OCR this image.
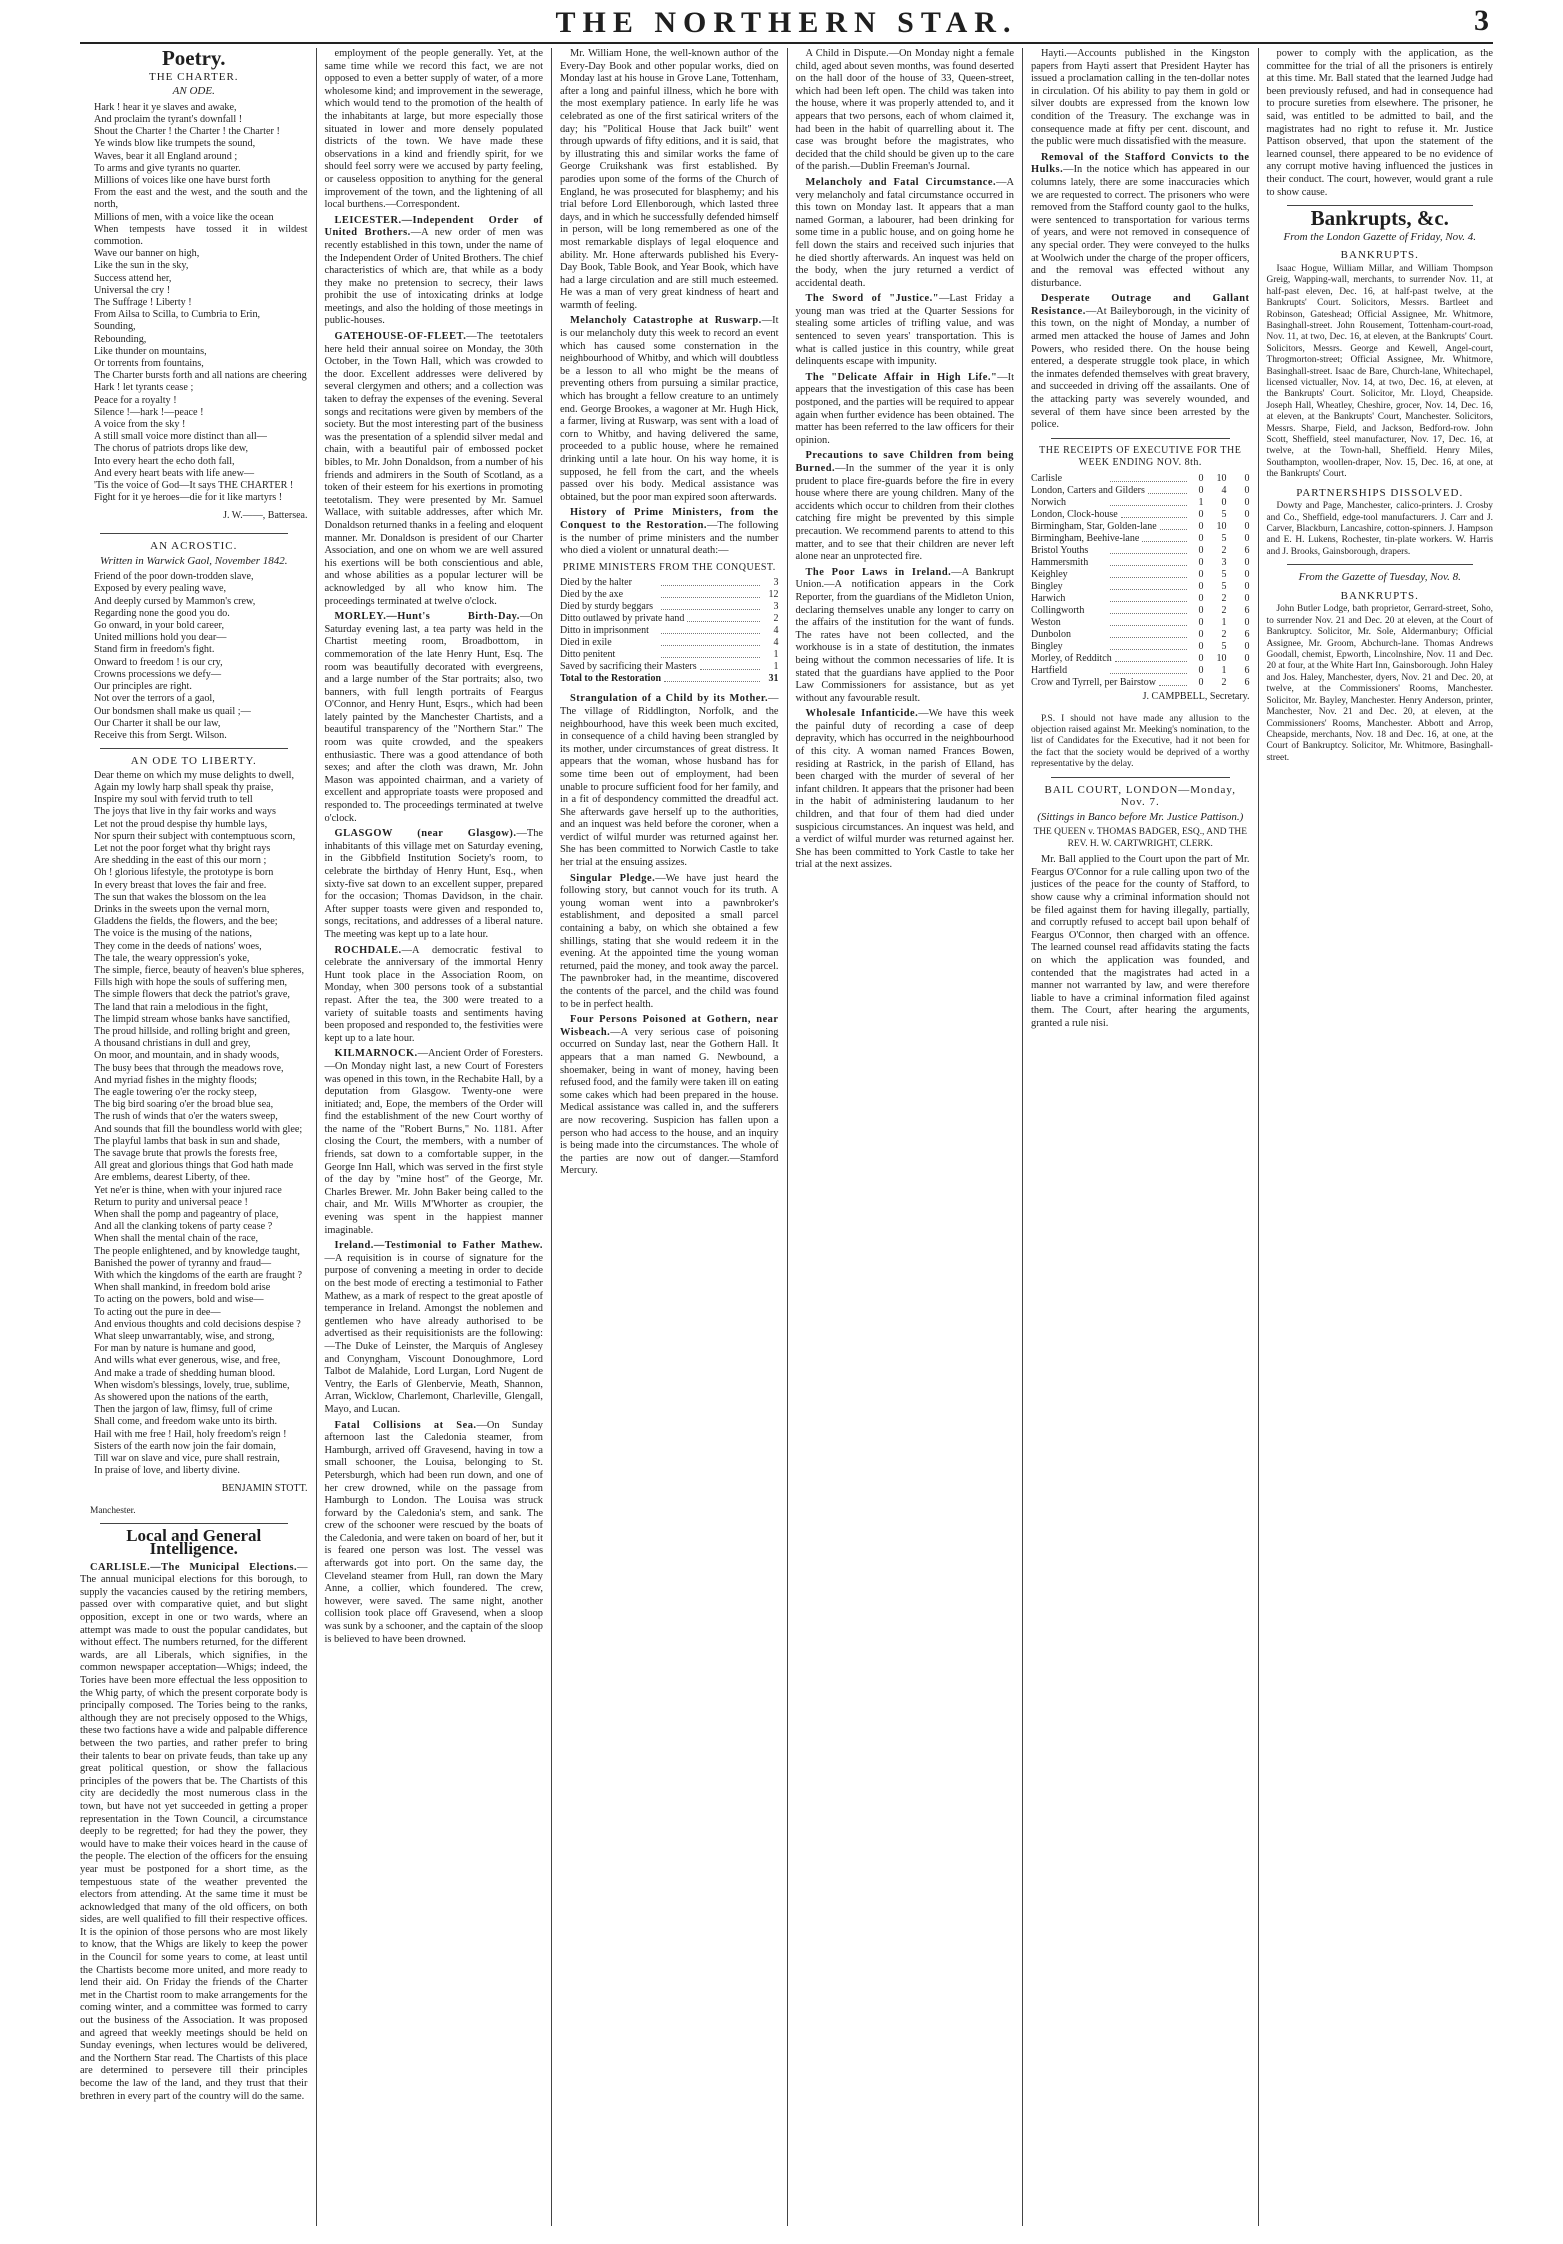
THE NORTHERN STAR.	3
Poetry.
THE CHARTER.
AN ODE.
Hark ! hear it ye slaves and awake,
And proclaim the tyrant's downfall !
Shout the Charter ! the Charter ! the Charter !
Ye winds blow like trumpets the sound,
Waves, bear it all England around ;
To arms and give tyrants no quarter.
Millions of voices like one have burst forth
From the east and the west, and the south and the north,
Millions of men, with a voice like the ocean
When tempests have tossed it in wildest commotion.
Wave our banner on high,
Like the sun in the sky,
Success attend her,
Universal the cry !
The Suffrage ! Liberty !
From Ailsa to Scilla, to Cumbria to Erin,
Sounding,
Rebounding,
Like thunder on mountains,
Or torrents from fountains,
The Charter bursts forth and all nations are cheering
Hark ! let tyrants cease ;
Peace for a royalty !
Silence !—hark !—peace !
A voice from the sky !
A still small voice more distinct than all—
The chorus of patriots drops like dew,
Into every heart the echo doth fall,
And every heart beats with life anew—
'Tis the voice of God—It says THE CHARTER !
Fight for it ye heroes—die for it like martyrs !
J. W.——, Battersea.
AN ACROSTIC.
Written in Warwick Gaol, November 1842.
Friend of the poor down-trodden slave,
Exposed by every pealing wave,
And deeply cursed by Mammon's crew,
Regarding none the good you do.
Go onward, in your bold career,
United millions hold you dear—
Stand firm in freedom's fight.
Onward to freedom ! is our cry,
Crowns processions we defy—
Our principles are right.
Not over the terrors of a gaol,
Our bondsmen shall make us quail ;—
Our Charter it shall be our law,
Receive this from Sergt. Wilson.
AN ODE TO LIBERTY.
Dear theme on which my muse delights to dwell,
Again my lowly harp shall speak thy praise,
Inspire my soul with fervid truth to tell
The joys that live in thy fair works and ways
Let not the proud despise thy humble lays,
Nor spurn their subject with contemptuous scorn,
Let not the poor forget what thy bright rays
Are shedding in the east of this our morn ;
Oh ! glorious lifestyle, the prototype is born
In every breast that loves the fair and free.
The sun that wakes the blossom on the lea
Drinks in the sweets upon the vernal morn,
Gladdens the fields, the flowers, and the bee;
The voice is the musing of the nations,
They come in the deeds of nations' woes,
The tale, the weary oppression's yoke,
The simple, fierce, beauty of heaven's blue spheres,
Fills high with hope the souls of suffering men,
The simple flowers that deck the patriot's grave,
The land that rain a melodious in the fight,
The limpid stream whose banks have sanctified,
The proud hillside, and rolling bright and green,
A thousand christians in dull and grey,
On moor, and mountain, and in shady woods,
The busy bees that through the meadows rove,
And myriad fishes in the mighty floods;
The eagle towering o'er the rocky steep,
The big bird soaring o'er the broad blue sea,
The rush of winds that o'er the waters sweep,
And sounds that fill the boundless world with glee;
The playful lambs that bask in sun and shade,
The savage brute that prowls the forests free,
All great and glorious things that God hath made
Are emblems, dearest Liberty, of thee.
Yet ne'er is thine, when with your injured race
Return to purity and universal peace !
When shall the pomp and pageantry of place,
And all the clanking tokens of party cease ?
When shall the mental chain of the race,
The people enlightened, and by knowledge taught,
Banished the power of tyranny and fraud—
With which the kingdoms of the earth are fraught ?
When shall mankind, in freedom bold arise
To acting on the powers, bold and wise—
To acting out the pure in dee—
And envious thoughts and cold decisions despise ?
What sleep unwarrantably, wise, and strong,
For man by nature is humane and good,
And wills what ever generous, wise, and free,
And make a trade of shedding human blood.
When wisdom's blessings, lovely, true, sublime,
As showered upon the nations of the earth,
Then the jargon of law, flimsy, full of crime
Shall come, and freedom wake unto its birth.
Hail with me free ! Hail, holy freedom's reign !
Sisters of the earth now join the fair domain,
Till war on slave and vice, pure shall restrain,
In praise of love, and liberty divine.
BENJAMIN STOTT.

Manchester.

Local and General Intelligence.

CARLISLE.—The Municipal Elections.—The annual municipal elections for this borough, to supply the vacancies caused by the retiring members, passed over with comparative quiet, and but slight opposition, except in one or two wards, where an attempt was made to oust the popular candidates, but without effect. The numbers returned, for the different wards, are all Liberals, which signifies, in the common newspaper acceptation—Whigs; indeed, the Tories have been more effectual the less opposition to the Whig party, of which the present corporate body is principally composed. The Tories being to the ranks, although they are not precisely opposed to the Whigs, these two factions have a wide and palpable difference between the two parties, and rather prefer to bring their talents to bear on private feuds, than take up any great political question, or show the fallacious principles of the powers that be. The Chartists of this city are decidedly the most numerous class in the town, but have not yet succeeded in getting a proper representation in the Town Council, a circumstance deeply to be regretted; for had they the power, they would have to make their voices heard in the cause of the people. The election of the officers for the ensuing year must be postponed for a short time, as the tempestuous state of the weather prevented the electors from attending. At the same time it must be acknowledged that many of the old officers, on both sides, are well qualified to fill their respective offices. It is the opinion of those persons who are most likely to know, that the Whigs are likely to keep the power in the Council for some years to come, at least until the Chartists become more united, and more ready to lend their aid. On Friday the friends of the Charter met in the Chartist room to make arrangements for the coming winter, and a committee was formed to carry out the business of the Association. It was proposed and agreed that weekly meetings should be held on Sunday evenings, when lectures would be delivered, and the Northern Star read. The Chartists of this place are determined to persevere till their principles become the law of the land, and they trust that their brethren in every part of the country will do the same.

employment of the people generally. Yet, at the same time while we record this fact, we are not opposed to even a better supply of water, of a more wholesome kind; and improvement in the sewerage, which would tend to the promotion of the health of the inhabitants at large, but more especially those situated in lower and more densely populated districts of the town. We have made these observations in a kind and friendly spirit, for we should feel sorry were we accused by party feeling, or causeless opposition to anything for the general improvement of the town, and the lightening of all local burthens.—Correspondent.

LEICESTER.—Independent Order of United Brothers.—A new order of men was recently established in this town, under the name of the Independent Order of United Brothers. The chief characteristics of which are, that while as a body they make no pretension to secrecy, their laws prohibit the use of intoxicating drinks at lodge meetings, and also the holding of those meetings in public-houses.

GATEHOUSE-OF-FLEET.—The teetotalers here held their annual soiree on Monday, the 30th October, in the Town Hall, which was crowded to the door. Excellent addresses were delivered by several clergymen and others; and a collection was taken to defray the expenses of the evening. Several songs and recitations were given by members of the society. But the most interesting part of the business was the presentation of a splendid silver medal and chain, with a beautiful pair of embossed pocket bibles, to Mr. John Donaldson, from a number of his friends and admirers in the South of Scotland, as a token of their esteem for his exertions in promoting teetotalism. They were presented by Mr. Samuel Wallace, with suitable addresses, after which Mr. Donaldson returned thanks in a feeling and eloquent manner. Mr. Donaldson is president of our Charter Association, and one on whom we are well assured his exertions will be both conscientious and able, and whose abilities as a popular lecturer will be acknowledged by all who know him. The proceedings terminated at twelve o'clock.

MORLEY.—Hunt's Birth-Day.—On Saturday evening last, a tea party was held in the Chartist meeting room, Broadbottom, in commemoration of the late Henry Hunt, Esq. The room was beautifully decorated with evergreens, and a large number of the Star portraits; also, two banners, with full length portraits of Feargus O'Connor, and Henry Hunt, Esqrs., which had been lately painted by the Manchester Chartists, and a beautiful transparency of the "Northern Star." The room was quite crowded, and the speakers enthusiastic. There was a good attendance of both sexes; and after the cloth was drawn, Mr. John Mason was appointed chairman, and a variety of excellent and appropriate toasts were proposed and responded to. The proceedings terminated at twelve o'clock.

GLASGOW (near Glasgow).—The inhabitants of this village met on Saturday evening, in the Gibbfield Institution Society's room, to celebrate the birthday of Henry Hunt, Esq., when sixty-five sat down to an excellent supper, prepared for the occasion; Thomas Davidson, in the chair. After supper toasts were given and responded to, songs, recitations, and addresses of a liberal nature. The meeting was kept up to a late hour.

ROCHDALE.—A democratic festival to celebrate the anniversary of the immortal Henry Hunt took place in the Association Room, on Monday, when 300 persons took of a substantial repast. After the tea, the 300 were treated to a variety of suitable toasts and sentiments having been proposed and responded to, the festivities were kept up to a late hour.

KILMARNOCK.—Ancient Order of Foresters.—On Monday night last, a new Court of Foresters was opened in this town, in the Rechabite Hall, by a deputation from Glasgow. Twenty-one were initiated; and, Eope, the members of the Order will find the establishment of the new Court worthy of the name of the "Robert Burns," No. 1181. After closing the Court, the members, with a number of friends, sat down to a comfortable supper, in the George Inn Hall, which was served in the first style of the day by "mine host" of the George, Mr. Charles Brewer. Mr. John Baker being called to the chair, and Mr. Wills M'Whorter as croupier, the evening was spent in the happiest manner imaginable.

Ireland.—Testimonial to Father Mathew.—A requisition is in course of signature for the purpose of convening a meeting in order to decide on the best mode of erecting a testimonial to Father Mathew, as a mark of respect to the great apostle of temperance in Ireland. Amongst the noblemen and gentlemen who have already authorised to be advertised as their requisitionists are the following:—The Duke of Leinster, the Marquis of Anglesey and Conyngham, Viscount Donoughmore, Lord Talbot de Malahide, Lord Lurgan, Lord Nugent de Ventry, the Earls of Glenbervie, Meath, Shannon, Arran, Wicklow, Charlemont, Charleville, Glengall, Mayo, and Lucan.

Fatal Collisions at Sea.—On Sunday afternoon last the Caledonia steamer, from Hamburgh, arrived off Gravesend, having in tow a small schooner, the Louisa, belonging to St. Petersburgh, which had been run down, and one of her crew drowned, while on the passage from Hamburgh to London. The Louisa was struck forward by the Caledonia's stem, and sank. The crew of the schooner were rescued by the boats of the Caledonia, and were taken on board of her, but it is feared one person was lost. The vessel was afterwards got into port. On the same day, the Cleveland steamer from Hull, ran down the Mary Anne, a collier, which foundered. The crew, however, were saved. The same night, another collision took place off Gravesend, when a sloop was sunk by a schooner, and the captain of the sloop is believed to have been drowned.

Mr. William Hone, the well-known author of the Every-Day Book and other popular works, died on Monday last at his house in Grove Lane, Tottenham, after a long and painful illness, which he bore with the most exemplary patience. In early life he was celebrated as one of the first satirical writers of the day; his "Political House that Jack built" went through upwards of fifty editions, and it is said, that by illustrating this and similar works the fame of George Cruikshank was first established. By parodies upon some of the forms of the Church of England, he was prosecuted for blasphemy; and his trial before Lord Ellenborough, which lasted three days, and in which he successfully defended himself in person, will be long remembered as one of the most remarkable displays of legal eloquence and ability. Mr. Hone afterwards published his Every-Day Book, Table Book, and Year Book, which have had a large circulation and are still much esteemed. He was a man of very great kindness of heart and warmth of feeling.

Melancholy Catastrophe at Ruswarp.—It is our melancholy duty this week to record an event which has caused some consternation in the neighbourhood of Whitby, and which will doubtless be a lesson to all who might be the means of preventing others from pursuing a similar practice, which has brought a fellow creature to an untimely end. George Brookes, a wagoner at Mr. Hugh Hick, a farmer, living at Ruswarp, was sent with a load of corn to Whitby, and having delivered the same, proceeded to a public house, where he remained drinking until a late hour. On his way home, it is supposed, he fell from the cart, and the wheels passed over his body. Medical assistance was obtained, but the poor man expired soon afterwards.

History of Prime Ministers, from the Conquest to the Restoration.—The following is the number of prime ministers and the number who died a violent or unnatural death:—

PRIME MINISTERS FROM THE CONQUEST.
Died by the halter	3
Died by the axe	12
Died by sturdy beggars	3
Ditto outlawed by private hand	2
Ditto in imprisonment	4
Died in exile	4
Ditto penitent	1
Saved by sacrificing their Masters	1
Total to the Restoration	31

Strangulation of a Child by its Mother.—The village of Riddlington, Norfolk, and the neighbourhood, have this week been much excited, in consequence of a child having been strangled by its mother, under circumstances of great distress. It appears that the woman, whose husband has for some time been out of employment, had been unable to procure sufficient food for her family, and in a fit of despondency committed the dreadful act. She afterwards gave herself up to the authorities, and an inquest was held before the coroner, when a verdict of wilful murder was returned against her. She has been committed to Norwich Castle to take her trial at the ensuing assizes.

Singular Pledge.—We have just heard the following story, but cannot vouch for its truth. A young woman went into a pawnbroker's establishment, and deposited a small parcel containing a baby, on which she obtained a few shillings, stating that she would redeem it in the evening. At the appointed time the young woman returned, paid the money, and took away the parcel. The pawnbroker had, in the meantime, discovered the contents of the parcel, and the child was found to be in perfect health.

Four Persons Poisoned at Gothern, near Wisbeach.—A very serious case of poisoning occurred on Sunday last, near the Gothern Hall. It appears that a man named G. Newbound, a shoemaker, being in want of money, having been refused food, and the family were taken ill on eating some cakes which had been prepared in the house. Medical assistance was called in, and the sufferers are now recovering. Suspicion has fallen upon a person who had access to the house, and an inquiry is being made into the circumstances. The whole of the parties are now out of danger.—Stamford Mercury.

A Child in Dispute.—On Monday night a female child, aged about seven months, was found deserted on the hall door of the house of 33, Queen-street, which had been left open. The child was taken into the house, where it was properly attended to, and it appears that two persons, each of whom claimed it, had been in the habit of quarrelling about it. The case was brought before the magistrates, who decided that the child should be given up to the care of the parish.—Dublin Freeman's Journal.

Melancholy and Fatal Circumstance.—A very melancholy and fatal circumstance occurred in this town on Monday last. It appears that a man named Gorman, a labourer, had been drinking for some time in a public house, and on going home he fell down the stairs and received such injuries that he died shortly afterwards. An inquest was held on the body, when the jury returned a verdict of accidental death.

The Sword of "Justice."—Last Friday a young man was tried at the Quarter Sessions for stealing some articles of trifling value, and was sentenced to seven years' transportation. This is what is called justice in this country, while great delinquents escape with impunity.

The "Delicate Affair in High Life."—It appears that the investigation of this case has been postponed, and the parties will be required to appear again when further evidence has been obtained. The matter has been referred to the law officers for their opinion.

Precautions to save Children from being Burned.—In the summer of the year it is only prudent to place fire-guards before the fire in every house where there are young children. Many of the accidents which occur to children from their clothes catching fire might be prevented by this simple precaution. We recommend parents to attend to this matter, and to see that their children are never left alone near an unprotected fire.

The Poor Laws in Ireland.—A Bankrupt Union.—A notification appears in the Cork Reporter, from the guardians of the Midleton Union, declaring themselves unable any longer to carry on the affairs of the institution for the want of funds. The rates have not been collected, and the workhouse is in a state of destitution, the inmates being without the common necessaries of life. It is stated that the guardians have applied to the Poor Law Commissioners for assistance, but as yet without any favourable result.

Wholesale Infanticide.—We have this week the painful duty of recording a case of deep depravity, which has occurred in the neighbourhood of this city. A woman named Frances Bowen, residing at Rastrick, in the parish of Elland, has been charged with the murder of several of her infant children. It appears that the prisoner had been in the habit of administering laudanum to her children, and that four of them had died under suspicious circumstances. An inquest was held, and a verdict of wilful murder was returned against her. She has been committed to York Castle to take her trial at the next assizes.

Hayti.—Accounts published in the Kingston papers from Hayti assert that President Hayter has issued a proclamation calling in the ten-dollar notes in circulation. Of his ability to pay them in gold or silver doubts are expressed from the known low condition of the Treasury. The exchange was in consequence made at fifty per cent. discount, and the public were much dissatisfied with the measure.

Removal of the Stafford Convicts to the Hulks.—In the notice which has appeared in our columns lately, there are some inaccuracies which we are requested to correct. The prisoners who were removed from the Stafford county gaol to the hulks, were sentenced to transportation for various terms of years, and were not removed in consequence of any special order. They were conveyed to the hulks at Woolwich under the charge of the proper officers, and the removal was effected without any disturbance.

Desperate Outrage and Gallant Resistance.—At Baileyborough, in the vicinity of this town, on the night of Monday, a number of armed men attacked the house of James and John Powers, who resided there. On the house being entered, a desperate struggle took place, in which the inmates defended themselves with great bravery, and succeeded in driving off the assailants. One of the attacking party was severely wounded, and several of them have since been arrested by the police.

THE RECEIPTS OF EXECUTIVE FOR THE WEEK ENDING NOV. 8th.
Carlisle	0	10	0
London, Carters and Gilders	0	4	0
Norwich	1	0	0
London, Clock-house	0	5	0
Birmingham, Star, Golden-lane	0	10	0
Birmingham, Beehive-lane	0	5	0
Bristol Youths	0	2	6
Hammersmith	0	3	0
Keighley	0	5	0
Bingley	0	5	0
Harwich	0	2	0
Collingworth	0	2	6
Weston	0	1	0
Dunbolon	0	2	6
Bingley	0	5	0
Morley, of Redditch	0	10	0
Hartfield	0	1	6
Crow and Tyrrell, per Bairstow	0	2	6
J. CAMPBELL, Secretary.

P.S. I should not have made any allusion to the objection raised against Mr. Meeking's nomination, to the list of Candidates for the Executive, had it not been for the fact that the society would be deprived of a worthy representative by the delay.

BAIL COURT, LONDON—Monday, Nov. 7.
(Sittings in Banco before Mr. Justice Pattison.)
THE QUEEN v. THOMAS BADGER, ESQ., AND THE REV. H. W. CARTWRIGHT, CLERK.

Mr. Ball applied to the Court upon the part of Mr. Feargus O'Connor for a rule calling upon two of the justices of the peace for the county of Stafford, to show cause why a criminal information should not be filed against them for having illegally, partially, and corruptly refused to accept bail upon behalf of Feargus O'Connor, then charged with an offence. The learned counsel read affidavits stating the facts on which the application was founded, and contended that the magistrates had acted in a manner not warranted by law, and were therefore liable to have a criminal information filed against them. The Court, after hearing the arguments, granted a rule nisi.

power to comply with the application, as the committee for the trial of all the prisoners is entirely at this time. Mr. Ball stated that the learned Judge had been previously refused, and had in consequence had to procure sureties from elsewhere. The prisoner, he said, was entitled to be admitted to bail, and the magistrates had no right to refuse it. Mr. Justice Pattison observed, that upon the statement of the learned counsel, there appeared to be no evidence of any corrupt motive having influenced the justices in their conduct. The court, however, would grant a rule to show cause.

Bankrupts, &c.
From the London Gazette of Friday, Nov. 4.
BANKRUPTS.

Isaac Hogue, William Millar, and William Thompson Greig, Wapping-wall, merchants, to surrender Nov. 11, at half-past eleven, Dec. 16, at half-past twelve, at the Bankrupts' Court. Solicitors, Messrs. Bartleet and Robinson, Gateshead; Official Assignee, Mr. Whitmore, Basinghall-street. John Rousement, Tottenham-court-road, Nov. 11, at two, Dec. 16, at eleven, at the Bankrupts' Court. Solicitors, Messrs. George and Kewell, Angel-court, Throgmorton-street; Official Assignee, Mr. Whitmore, Basinghall-street. Isaac de Bare, Church-lane, Whitechapel, licensed victualler, Nov. 14, at two, Dec. 16, at eleven, at the Bankrupts' Court. Solicitor, Mr. Lloyd, Cheapside. Joseph Hall, Wheatley, Cheshire, grocer, Nov. 14, Dec. 16, at eleven, at the Bankrupts' Court, Manchester. Solicitors, Messrs. Sharpe, Field, and Jackson, Bedford-row. John Scott, Sheffield, steel manufacturer, Nov. 17, Dec. 16, at twelve, at the Town-hall, Sheffield. Henry Miles, Southampton, woollen-draper, Nov. 15, Dec. 16, at one, at the Bankrupts' Court.

PARTNERSHIPS DISSOLVED.

Dowty and Page, Manchester, calico-printers. J. Crosby and Co., Sheffield, edge-tool manufacturers. J. Carr and J. Carver, Blackburn, Lancashire, cotton-spinners. J. Hampson and E. H. Lukens, Rochester, tin-plate workers. W. Harris and J. Brooks, Gainsborough, drapers.

From the Gazette of Tuesday, Nov. 8.
BANKRUPTS.

John Butler Lodge, bath proprietor, Gerrard-street, Soho, to surrender Nov. 21 and Dec. 20 at eleven, at the Court of Bankruptcy. Solicitor, Mr. Sole, Aldermanbury; Official Assignee, Mr. Groom, Abchurch-lane. Thomas Andrews Goodall, chemist, Epworth, Lincolnshire, Nov. 11 and Dec. 20 at four, at the White Hart Inn, Gainsborough. John Haley and Jos. Haley, Manchester, dyers, Nov. 21 and Dec. 20, at twelve, at the Commissioners' Rooms, Manchester. Solicitor, Mr. Bayley, Manchester. Henry Anderson, printer, Manchester, Nov. 21 and Dec. 20, at eleven, at the Commissioners' Rooms, Manchester. Abbott and Arrop, Cheapside, merchants, Nov. 18 and Dec. 16, at one, at the Court of Bankruptcy. Solicitor, Mr. Whitmore, Basinghall-street.
